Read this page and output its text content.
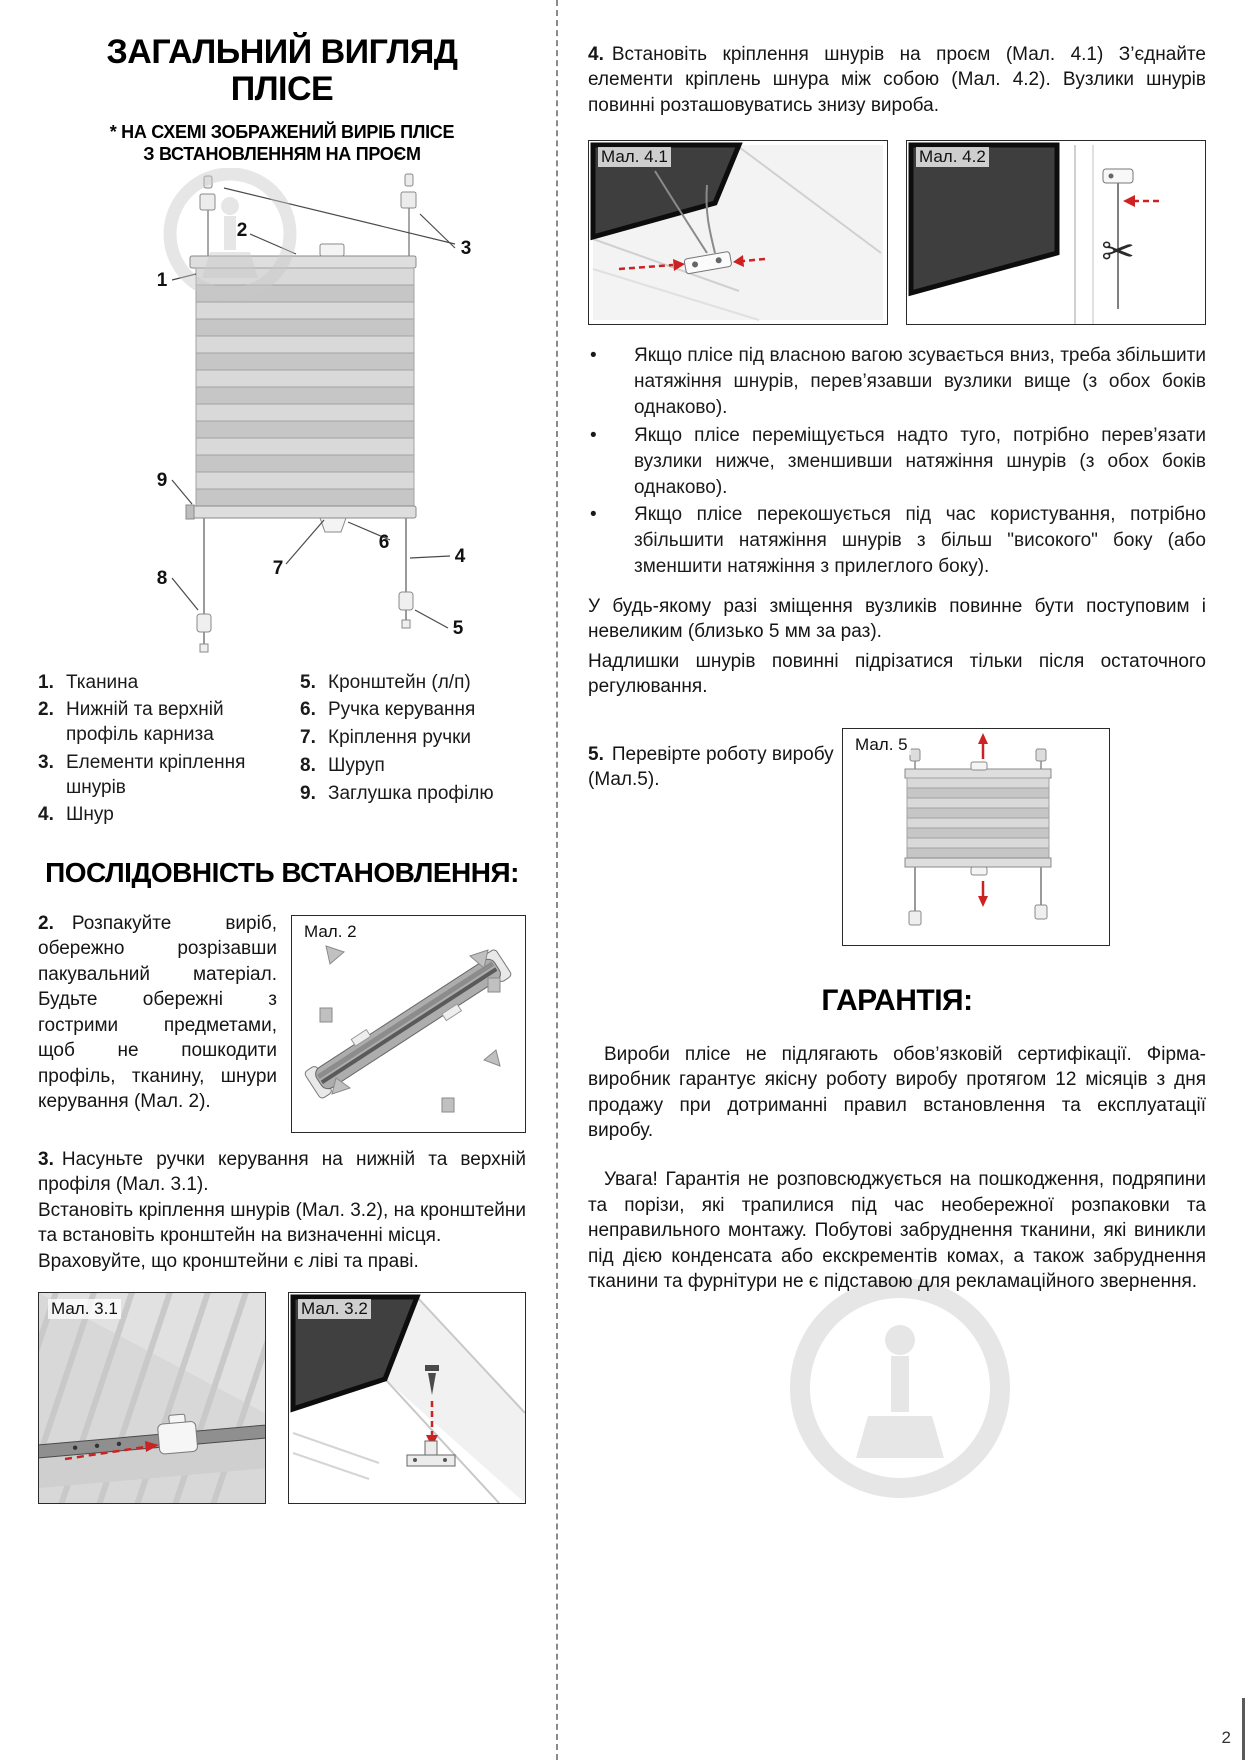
ЗАГАЛЬНИЙ ВИГЛЯД
ПЛІСЕ
* НА СХЕМІ ЗОБРАЖЕНИЙ ВИРІБ ПЛІСЕ
З ВСТАНОВЛЕННЯМ НА ПРОЄМ
1
2
3
9
8	7
6
4
5
1. Тканина
2. Нижній та верхній профіль карниза
3. Елементи кріплення шнурів
4. Шнур
5. Кронштейн (л/п)
6. Ручка керування
7. Кріплення ручки
8. Шуруп
9. Заглушка профілю
ПОСЛІДОВНІСТЬ ВСТАНОВЛЕННЯ:
Мал. 2

2. Розпакуйте виріб, обережно розрізавши пакувальний матеріал. Будьте обережні з гострими предметами, щоб не пошкодити профіль, тканину, шнури керування (Мал. 2).

3. Насуньте ручки керування на нижній та верхній профіля (Мал. 3.1).

Встановіть кріплення шнурів (Мал. 3.2), на кронштейни та встановіть кронштейн на визначенні місця.

Враховуйте, що кронштейни є ліві та праві.

Мал. 3.1	Мал. 3.2

4. Встановіть кріплення шнурів на проєм (Мал. 4.1) З’єднайте елементи кріплень шнура між собою (Мал. 4.2). Вузлики шнурів повинні розташовуватись знизу вироба.

Мал. 4.1	Мал. 4.2
✂
•	Якщо плісе під власною вагою зсувається вниз, треба збільшити натяжіння шнурів, перев’язавши вузлики вище (з обох боків однаково).

•	Якщо плісе переміщується надто туго, потрібно перев’язати вузлики нижче, зменшивши натяжіння шнурів (з обох боків однаково).

•	Якщо плісе перекошується під час користування, потрібно збільшити натяжіння шнурів з більш "високого" боку (або зменшити натяжіння з прилеглого боку).

У будь-якому разі зміщення вузликів повинне бути поступовим і невеликим (близько 5 мм за раз).

Надлишки шнурів повинні підрізатися тільки після остаточного регулювання.

5. Перевірте роботу виробу (Мал.5).

Мал. 5
ГАРАНТІЯ:

Вироби плісе не підлягають обов’язковій сертифікації. Фірма-виробник гарантує якісну роботу виробу протягом 12 місяців з дня продажу при дотриманні правил встановлення та експлуатації виробу.

Увага! Гарантія не розповсюджується на пошкодження, подряпини та порізи, які трапилися під час необережної розпаковки та неправильного монтажу. Побутові забруднення тканини, які виникли під дією конденсата або екскрементів комах, а також забруднення тканини та фурнітури не є підставою для рекламаційного звернення.

2
